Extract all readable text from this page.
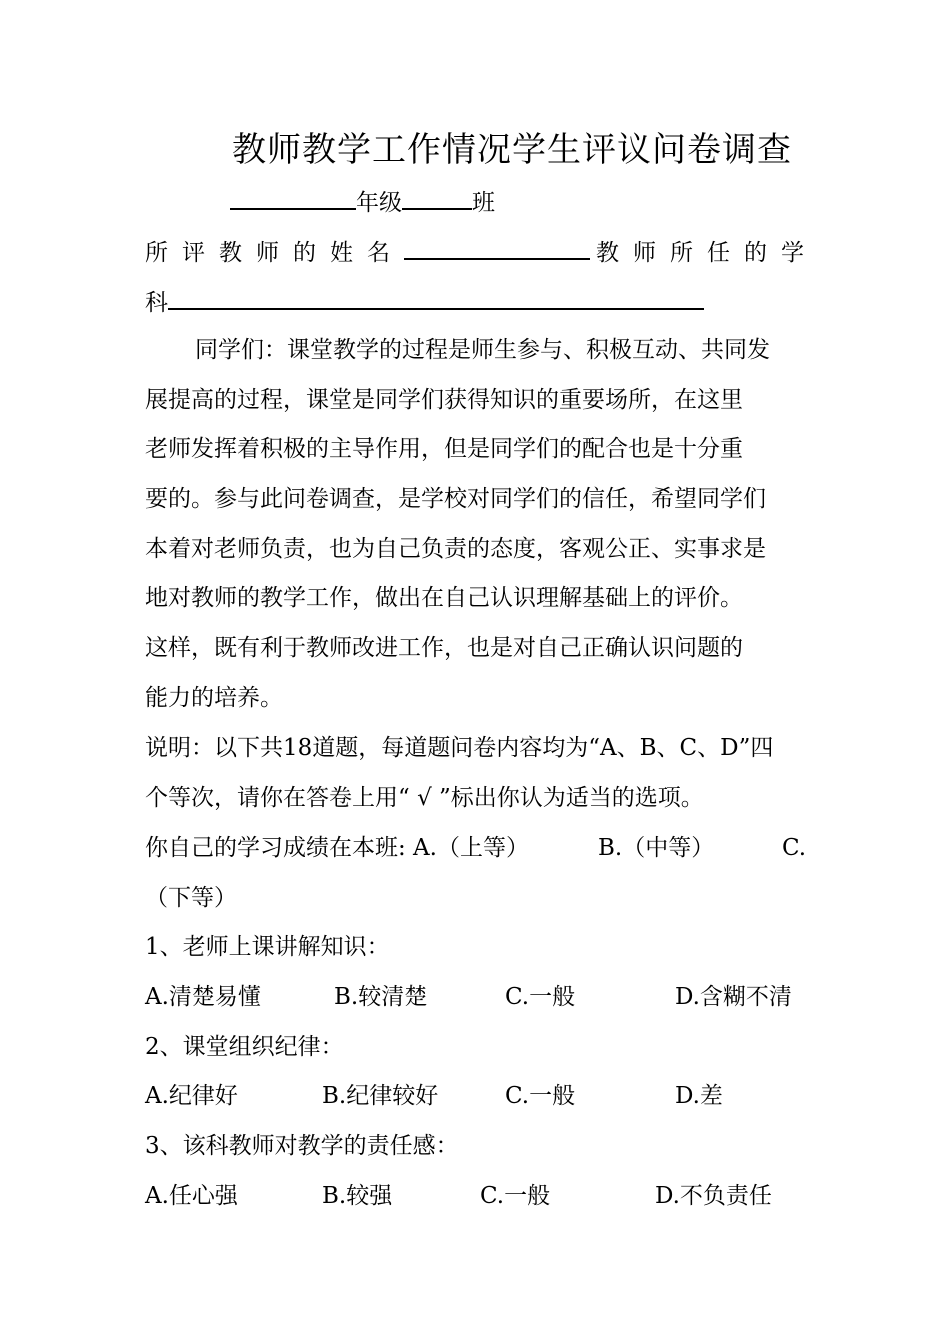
教师教学工作情况学生评议问卷调查
年级	班
所评教师的姓名	教师所任的学
科
同学们：课堂教学的过程是师生参与、积极互动、共同发
展提高的过程，课堂是同学们获得知识的重要场所，在这里
老师发挥着积极的主导作用，但是同学们的配合也是十分重
要的。参与此问卷调查，是学校对同学们的信任，希望同学们
本着对老师负责，也为自己负责的态度，客观公正、实事求是
地对教师的教学工作，做出在自己认识理解基础上的评价。
这样，既有利于教师改进工作，也是对自己正确认识问题的
能力的培养。
说明：以下共18道题，每道题问卷内容均为“A、B、C、D”四
个等次，请你在答卷上用“ √ ”标出你认为适当的选项。
你自己的学习成绩在本班: A.（上等）	B.（中等）	C.
（下等）
1、老师上课讲解知识：
A.清楚易懂	B.较清楚	C.一般	D.含糊不清
2、课堂组织纪律：
A.纪律好	B.纪律较好	C.一般	D.差
3、该科教师对教学的责任感：
A.任心强	B.较强	C.一般	D.不负责任
